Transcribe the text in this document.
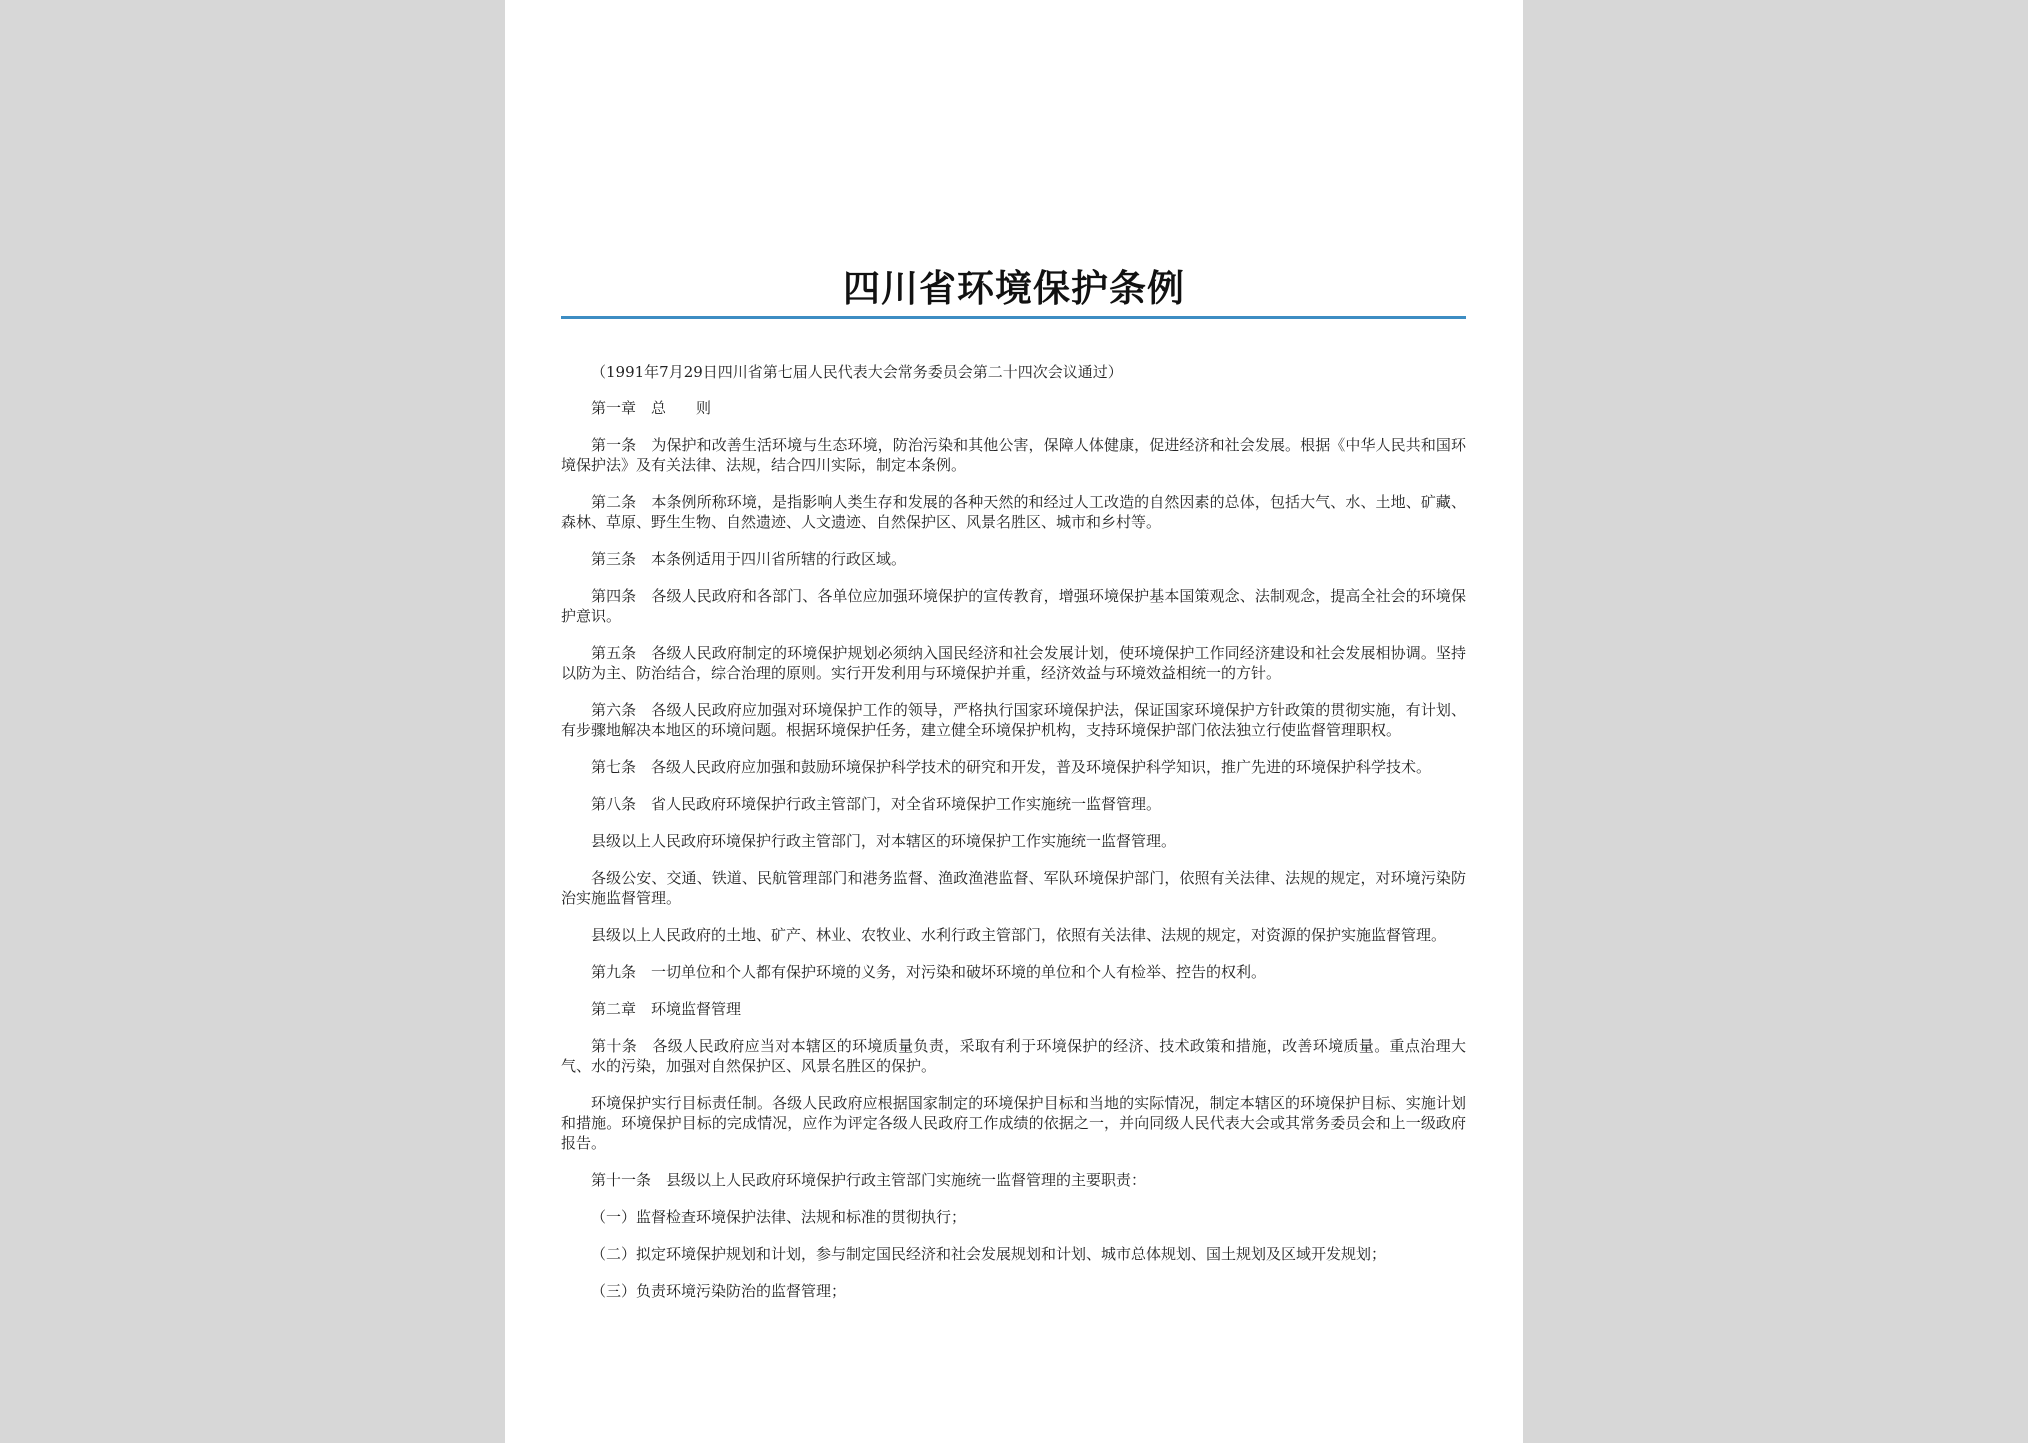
四川省环境保护条例

（1991年7月29日四川省第七届人民代表大会常务委员会第二十四次会议通过）

第一章　总　　则

第一条　为保护和改善生活环境与生态环境，防治污染和其他公害，保障人体健康，促进经济和社会发展。根据《中华人民共和国环境保护法》及有关法律、法规，结合四川实际，制定本条例。

第二条　本条例所称环境，是指影响人类生存和发展的各种天然的和经过人工改造的自然因素的总体，包括大气、水、土地、矿藏、森林、草原、野生生物、自然遗迹、人文遗迹、自然保护区、风景名胜区、城市和乡村等。

第三条　本条例适用于四川省所辖的行政区域。

第四条　各级人民政府和各部门、各单位应加强环境保护的宣传教育，增强环境保护基本国策观念、法制观念，提高全社会的环境保护意识。

第五条　各级人民政府制定的环境保护规划必须纳入国民经济和社会发展计划，使环境保护工作同经济建设和社会发展相协调。坚持以防为主、防治结合，综合治理的原则。实行开发利用与环境保护并重，经济效益与环境效益相统一的方针。

第六条　各级人民政府应加强对环境保护工作的领导，严格执行国家环境保护法，保证国家环境保护方针政策的贯彻实施，有计划、有步骤地解决本地区的环境问题。根据环境保护任务，建立健全环境保护机构，支持环境保护部门依法独立行使监督管理职权。

第七条　各级人民政府应加强和鼓励环境保护科学技术的研究和开发，普及环境保护科学知识，推广先进的环境保护科学技术。

第八条　省人民政府环境保护行政主管部门，对全省环境保护工作实施统一监督管理。

县级以上人民政府环境保护行政主管部门，对本辖区的环境保护工作实施统一监督管理。

各级公安、交通、铁道、民航管理部门和港务监督、渔政渔港监督、军队环境保护部门，依照有关法律、法规的规定，对环境污染防治实施监督管理。

县级以上人民政府的土地、矿产、林业、农牧业、水利行政主管部门，依照有关法律、法规的规定，对资源的保护实施监督管理。

第九条　一切单位和个人都有保护环境的义务，对污染和破坏环境的单位和个人有检举、控告的权利。

第二章　环境监督管理

第十条　各级人民政府应当对本辖区的环境质量负责，采取有利于环境保护的经济、技术政策和措施，改善环境质量。重点治理大气、水的污染，加强对自然保护区、风景名胜区的保护。

环境保护实行目标责任制。各级人民政府应根据国家制定的环境保护目标和当地的实际情况，制定本辖区的环境保护目标、实施计划和措施。环境保护目标的完成情况，应作为评定各级人民政府工作成绩的依据之一，并向同级人民代表大会或其常务委员会和上一级政府报告。

第十一条　县级以上人民政府环境保护行政主管部门实施统一监督管理的主要职责：

（一）监督检查环境保护法律、法规和标准的贯彻执行；

（二）拟定环境保护规划和计划，参与制定国民经济和社会发展规划和计划、城市总体规划、国土规划及区域开发规划；

（三）负责环境污染防治的监督管理；
